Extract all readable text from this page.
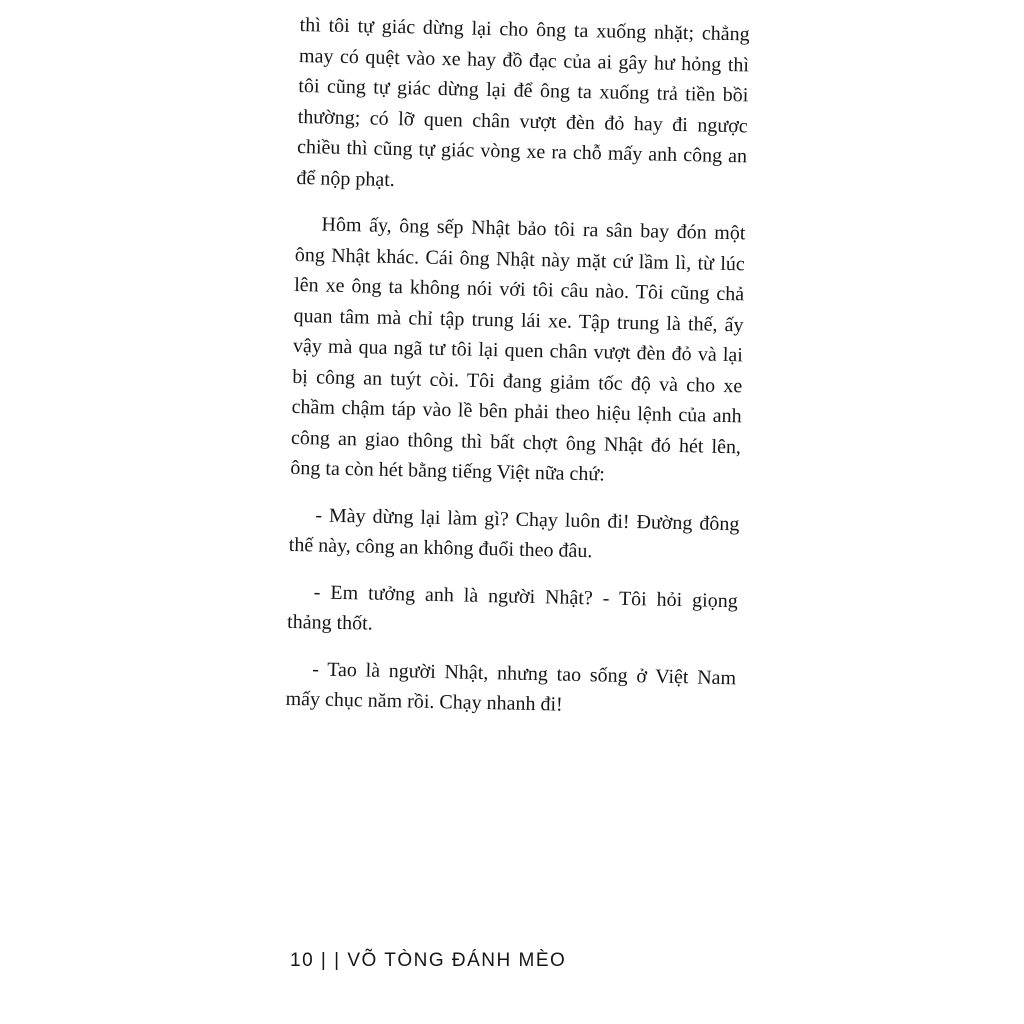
thì tôi tự giác dừng lại cho ông ta xuống nhặt; chẳng may có quệt vào xe hay đồ đạc của ai gây hư hỏng thì tôi cũng tự giác dừng lại để ông ta xuống trả tiền bồi thường; có lỡ quen chân vượt đèn đỏ hay đi ngược chiều thì cũng tự giác vòng xe ra chỗ mấy anh công an để nộp phạt.

Hôm ấy, ông sếp Nhật bảo tôi ra sân bay đón một ông Nhật khác. Cái ông Nhật này mặt cứ lầm lì, từ lúc lên xe ông ta không nói với tôi câu nào. Tôi cũng chả quan tâm mà chỉ tập trung lái xe. Tập trung là thế, ấy vậy mà qua ngã tư tôi lại quen chân vượt đèn đỏ và lại bị công an tuýt còi. Tôi đang giảm tốc độ và cho xe chầm chậm táp vào lề bên phải theo hiệu lệnh của anh công an giao thông thì bất chợt ông Nhật đó hét lên, ông ta còn hét bằng tiếng Việt nữa chứ:

- Mày dừng lại làm gì? Chạy luôn đi! Đường đông thế này, công an không đuổi theo đâu.

- Em tưởng anh là người Nhật? - Tôi hỏi giọng thảng thốt.

- Tao là người Nhật, nhưng tao sống ở Việt Nam mấy chục năm rồi. Chạy nhanh đi!

10 | | VÕ TÒNG ĐÁNH MÈO
